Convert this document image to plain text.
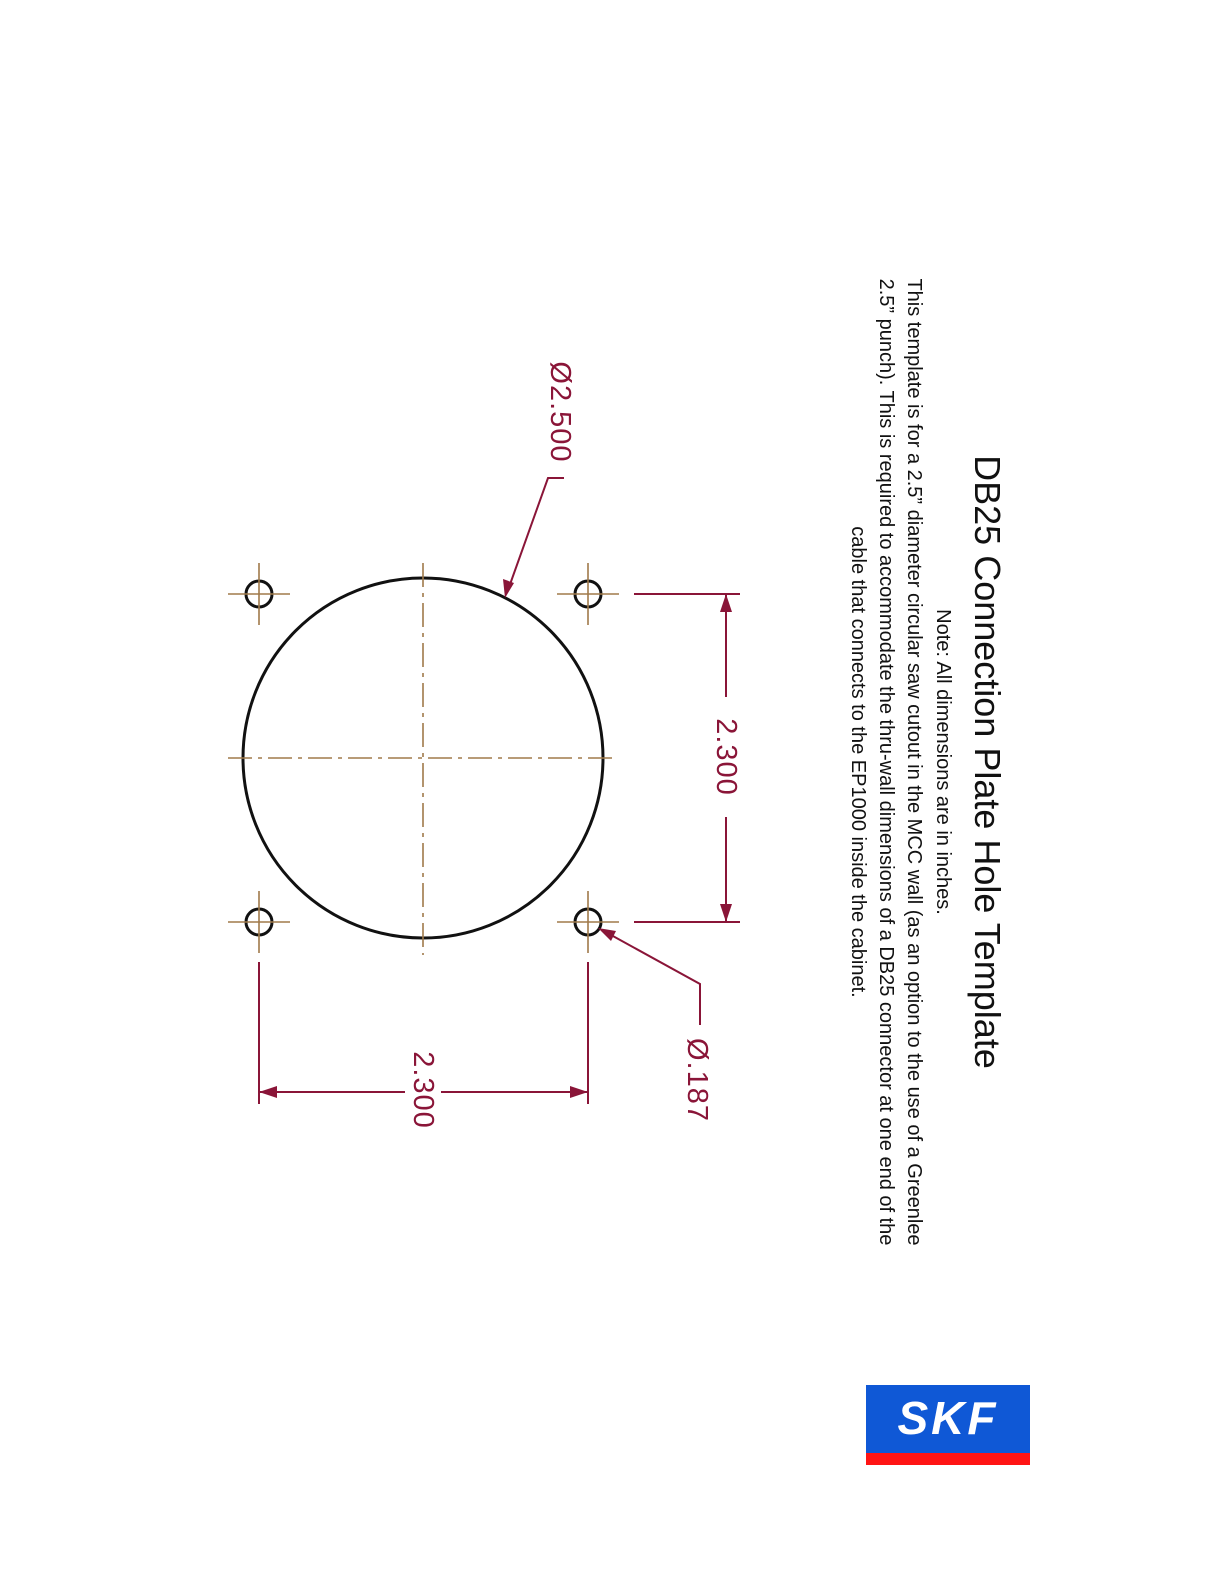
Ø2.500
2.300
Ø.187
2.300
DB25 Connection Plate Hole Template

Note: All dimensions are in inches.

This template is for a 2.5” diameter circular saw cutout in the MCC wall (as an option to the use of a Greenlee 2.5” punch). This is required to accommodate the thru-wall dimensions of a DB25 connector at one end of the cable that connects to the EP1000 inside the cabinet.

SKF
